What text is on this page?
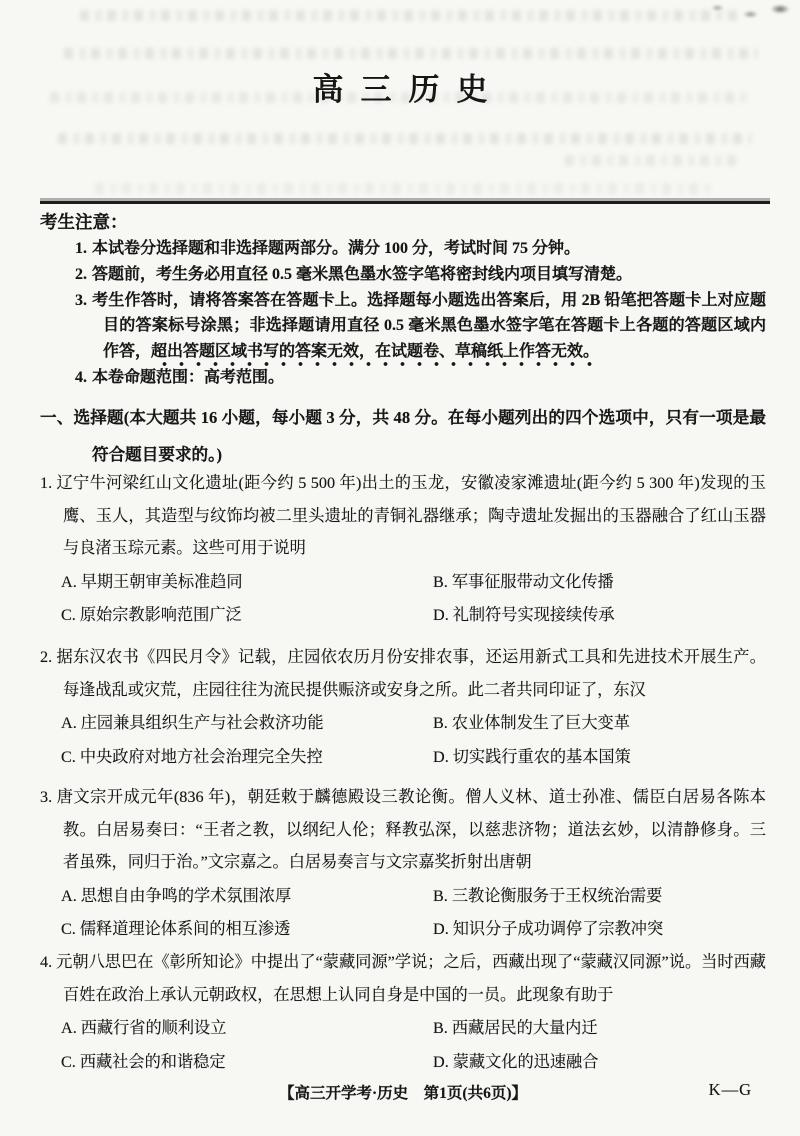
高三历史
考生注意：
1. 本试卷分选择题和非选择题两部分。满分 100 分，考试时间 75 分钟。
2. 答题前，考生务必用直径 0.5 毫米黑色墨水签字笔将密封线内项目填写清楚。
3. 考生作答时，请将答案答在答题卡上。选择题每小题选出答案后，用 2B 铅笔把答题卡上对应题目的答案标号涂黑；非选择题请用直径 0.5 毫米黑色墨水签字笔在答题卡上各题的答题区域内作答，超出答题区域书写的答案无效，在试题卷、草稿纸上作答无效。
4. 本卷命题范围：高考范围。
一、选择题(本大题共 16 小题，每小题 3 分，共 48 分。在每小题列出的四个选项中，只有一项是最符合题目要求的。)

1. 辽宁牛河梁红山文化遗址(距今约 5 500 年)出土的玉龙，安徽凌家滩遗址(距今约 5 300 年)发现的玉鹰、玉人，其造型与纹饰均被二里头遗址的青铜礼器继承；陶寺遗址发掘出的玉器融合了红山玉器与良渚玉琮元素。这些可用于说明

A. 早期王朝审美标准趋同	B. 军事征服带动文化传播
C. 原始宗教影响范围广泛	D. 礼制符号实现接续传承

2. 据东汉农书《四民月令》记载，庄园依农历月份安排农事，还运用新式工具和先进技术开展生产。每逢战乱或灾荒，庄园往往为流民提供赈济或安身之所。此二者共同印证了，东汉

A. 庄园兼具组织生产与社会救济功能	B. 农业体制发生了巨大变革
C. 中央政府对地方社会治理完全失控	D. 切实践行重农的基本国策

3. 唐文宗开成元年(836 年)，朝廷敕于麟德殿设三教论衡。僧人义林、道士孙准、儒臣白居易各陈本教。白居易奏曰：“王者之教，以纲纪人伦；释教弘深，以慈悲济物；道法玄妙，以清静修身。三者虽殊，同归于治。”文宗嘉之。白居易奏言与文宗嘉奖折射出唐朝

A. 思想自由争鸣的学术氛围浓厚	B. 三教论衡服务于王权统治需要
C. 儒释道理论体系间的相互渗透	D. 知识分子成功调停了宗教冲突

4. 元朝八思巴在《彰所知论》中提出了“蒙藏同源”学说；之后，西藏出现了“蒙藏汉同源”说。当时西藏百姓在政治上承认元朝政权，在思想上认同自身是中国的一员。此现象有助于

A. 西藏行省的顺利设立	B. 西藏居民的大量内迁
C. 西藏社会的和谐稳定	D. 蒙藏文化的迅速融合
【高三开学考·历史　第1页(共6页)】	K—G
